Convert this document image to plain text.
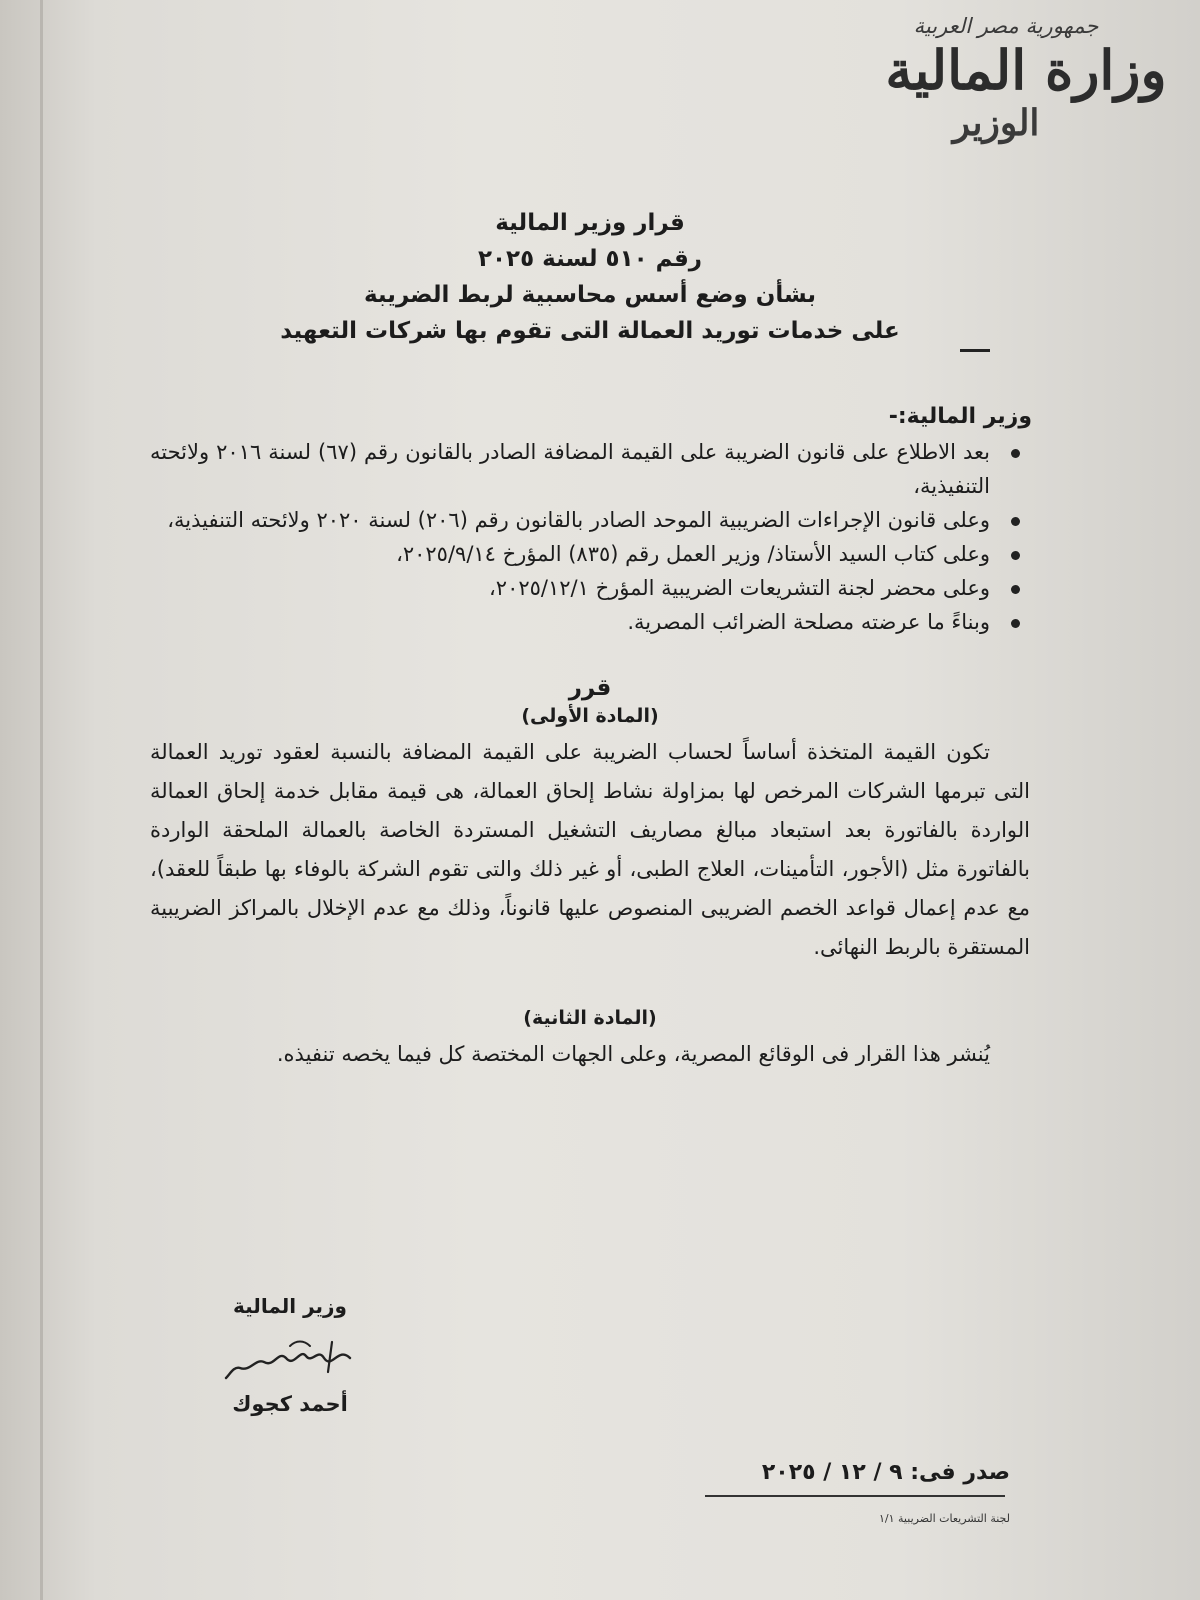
جمهورية مصر العربية
وزارة المالية
الوزير
قرار وزير المالية
رقم ٥١٠ لسنة ٢٠٢٥
بشأن وضع أسس محاسبية لربط الضريبة
على خدمات توريد العمالة التى تقوم بها شركات التعهيد
وزير المالية:-
بعد الاطلاع على قانون الضريبة على القيمة المضافة الصادر بالقانون رقم (٦٧) لسنة ٢٠١٦ ولائحته التنفيذية،
وعلى قانون الإجراءات الضريبية الموحد الصادر بالقانون رقم (٢٠٦) لسنة ٢٠٢٠ ولائحته التنفيذية،
وعلى كتاب السيد الأستاذ/ وزير العمل رقم (٨٣٥) المؤرخ ٢٠٢٥/٩/١٤،
وعلى محضر لجنة التشريعات الضريبية المؤرخ ٢٠٢٥/١٢/١،
وبناءً ما عرضته مصلحة الضرائب المصرية.
قرر
(المادة الأولى)

تكون القيمة المتخذة أساساً لحساب الضريبة على القيمة المضافة بالنسبة لعقود توريد العمالة التى تبرمها الشركات المرخص لها بمزاولة نشاط إلحاق العمالة، هى قيمة مقابل خدمة إلحاق العمالة الواردة بالفاتورة بعد استبعاد مبالغ مصاريف التشغيل المستردة الخاصة بالعمالة الملحقة الواردة بالفاتورة مثل (الأجور، التأمينات، العلاج الطبى، أو غير ذلك والتى تقوم الشركة بالوفاء بها طبقاً للعقد)، مع عدم إعمال قواعد الخصم الضريبى المنصوص عليها قانوناً، وذلك مع عدم الإخلال بالمراكز الضريبية المستقرة بالربط النهائى.

(المادة الثانية)

يُنشر هذا القرار فى الوقائع المصرية، وعلى الجهات المختصة كل فيما يخصه تنفيذه.

وزير المالية
أحمد كجوك
صدر فى: ٩ / ١٢ / ٢٠٢٥
لجنة التشريعات الضريبية ١/١
